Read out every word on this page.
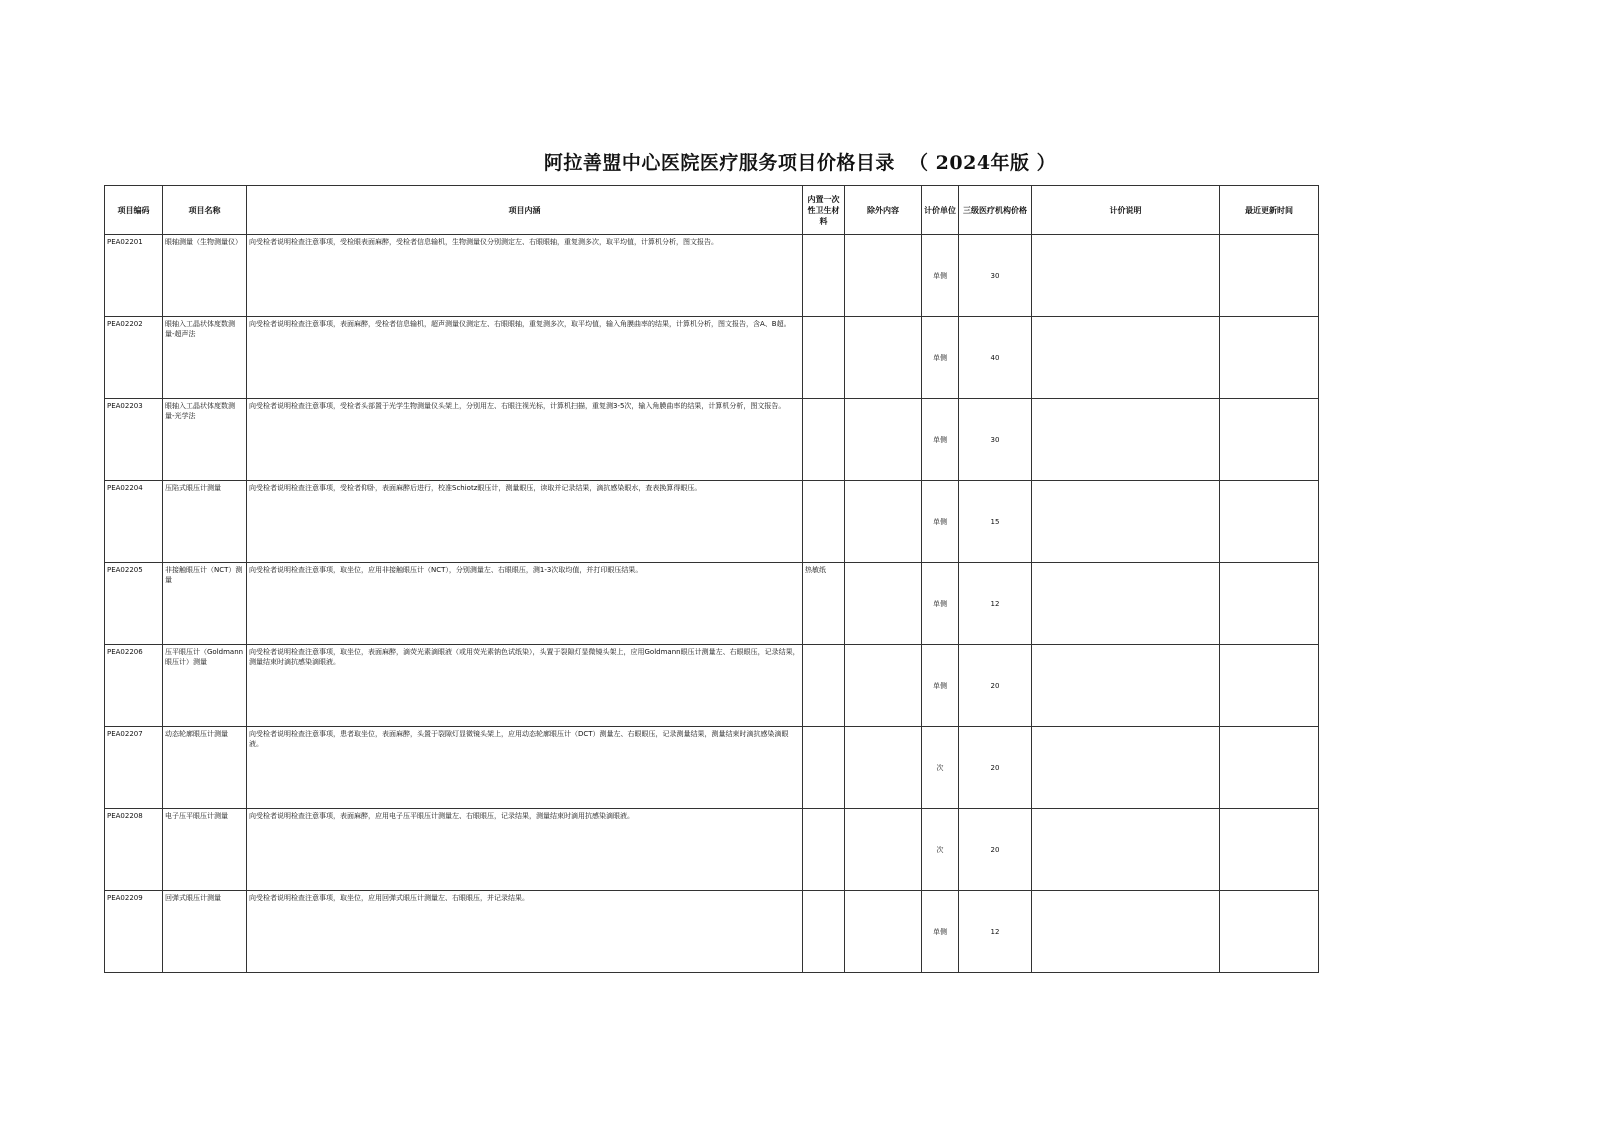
阿拉善盟中心医院医疗服务项目价格目录  （ 2024年版 ）
项目编码	项目名称	项目内涵	内置一次性卫生材料	除外内容	计价单位	三级医疗机构价格	计价说明	最近更新时间
PEA02201	眼轴测量（生物测量仪）	向受检者说明检查注意事项，受检眼表面麻醉，受检者信息输机，生物测量仪分别测定左、右眼眼轴，重复测多次，取平均值，计算机分析，图文报告。			单侧	30		
PEA02202	眼轴入工晶状体度数测量-超声法	向受检者说明检查注意事项，表面麻醉，受检者信息输机，超声测量仪测定左、右眼眼轴，重复测多次，取平均值，输入角膜曲率的结果，计算机分析，图文报告，含A、B超。			单侧	40		
PEA02203	眼轴入工晶状体度数测量-光学法	向受检者说明检查注意事项，受检者头部置于光学生物测量仪头架上，分别用左、右眼注视光标，计算机扫描，重复测3-5次，输入角膜曲率的结果，计算机分析，图文报告。			单侧	30		
PEA02204	压陷式眼压计测量	向受检者说明检查注意事项，受检者仰卧，表面麻醉后进行，校准Schiotz眼压计，测量眼压，读取并记录结果，滴抗感染眼水，查表换算得眼压。			单侧	15		
PEA02205	非接触眼压计（NCT）测量	向受检者说明检查注意事项，取坐位，应用非接触眼压计（NCT），分别测量左、右眼眼压，测1-3次取均值，并打印眼压结果。	热敏纸		单侧	12		
PEA02206	压平眼压计（Goldmann眼压计）测量	向受检者说明检查注意事项，取坐位，表面麻醉，滴荧光素滴眼液（或用荧光素钠色试纸染），头置于裂隙灯显微镜头架上，应用Goldmann眼压计测量左、右眼眼压，记录结果，测量结束时滴抗感染滴眼液。			单侧	20		
PEA02207	动态轮廓眼压计测量	向受检者说明检查注意事项，患者取坐位，表面麻醉，头置于裂隙灯显微镜头架上，应用动态轮廓眼压计（DCT）测量左、右眼眼压，记录测量结果，测量结束时滴抗感染滴眼液。			次	20		
PEA02208	电子压平眼压计测量	向受检者说明检查注意事项，表面麻醉，应用电子压平眼压计测量左、右眼眼压，记录结果，测量结束时滴用抗感染滴眼液。			次	20		
PEA02209	回弹式眼压计测量	向受检者说明检查注意事项，取坐位，应用回弹式眼压计测量左、右眼眼压，并记录结果。			单侧	12		
